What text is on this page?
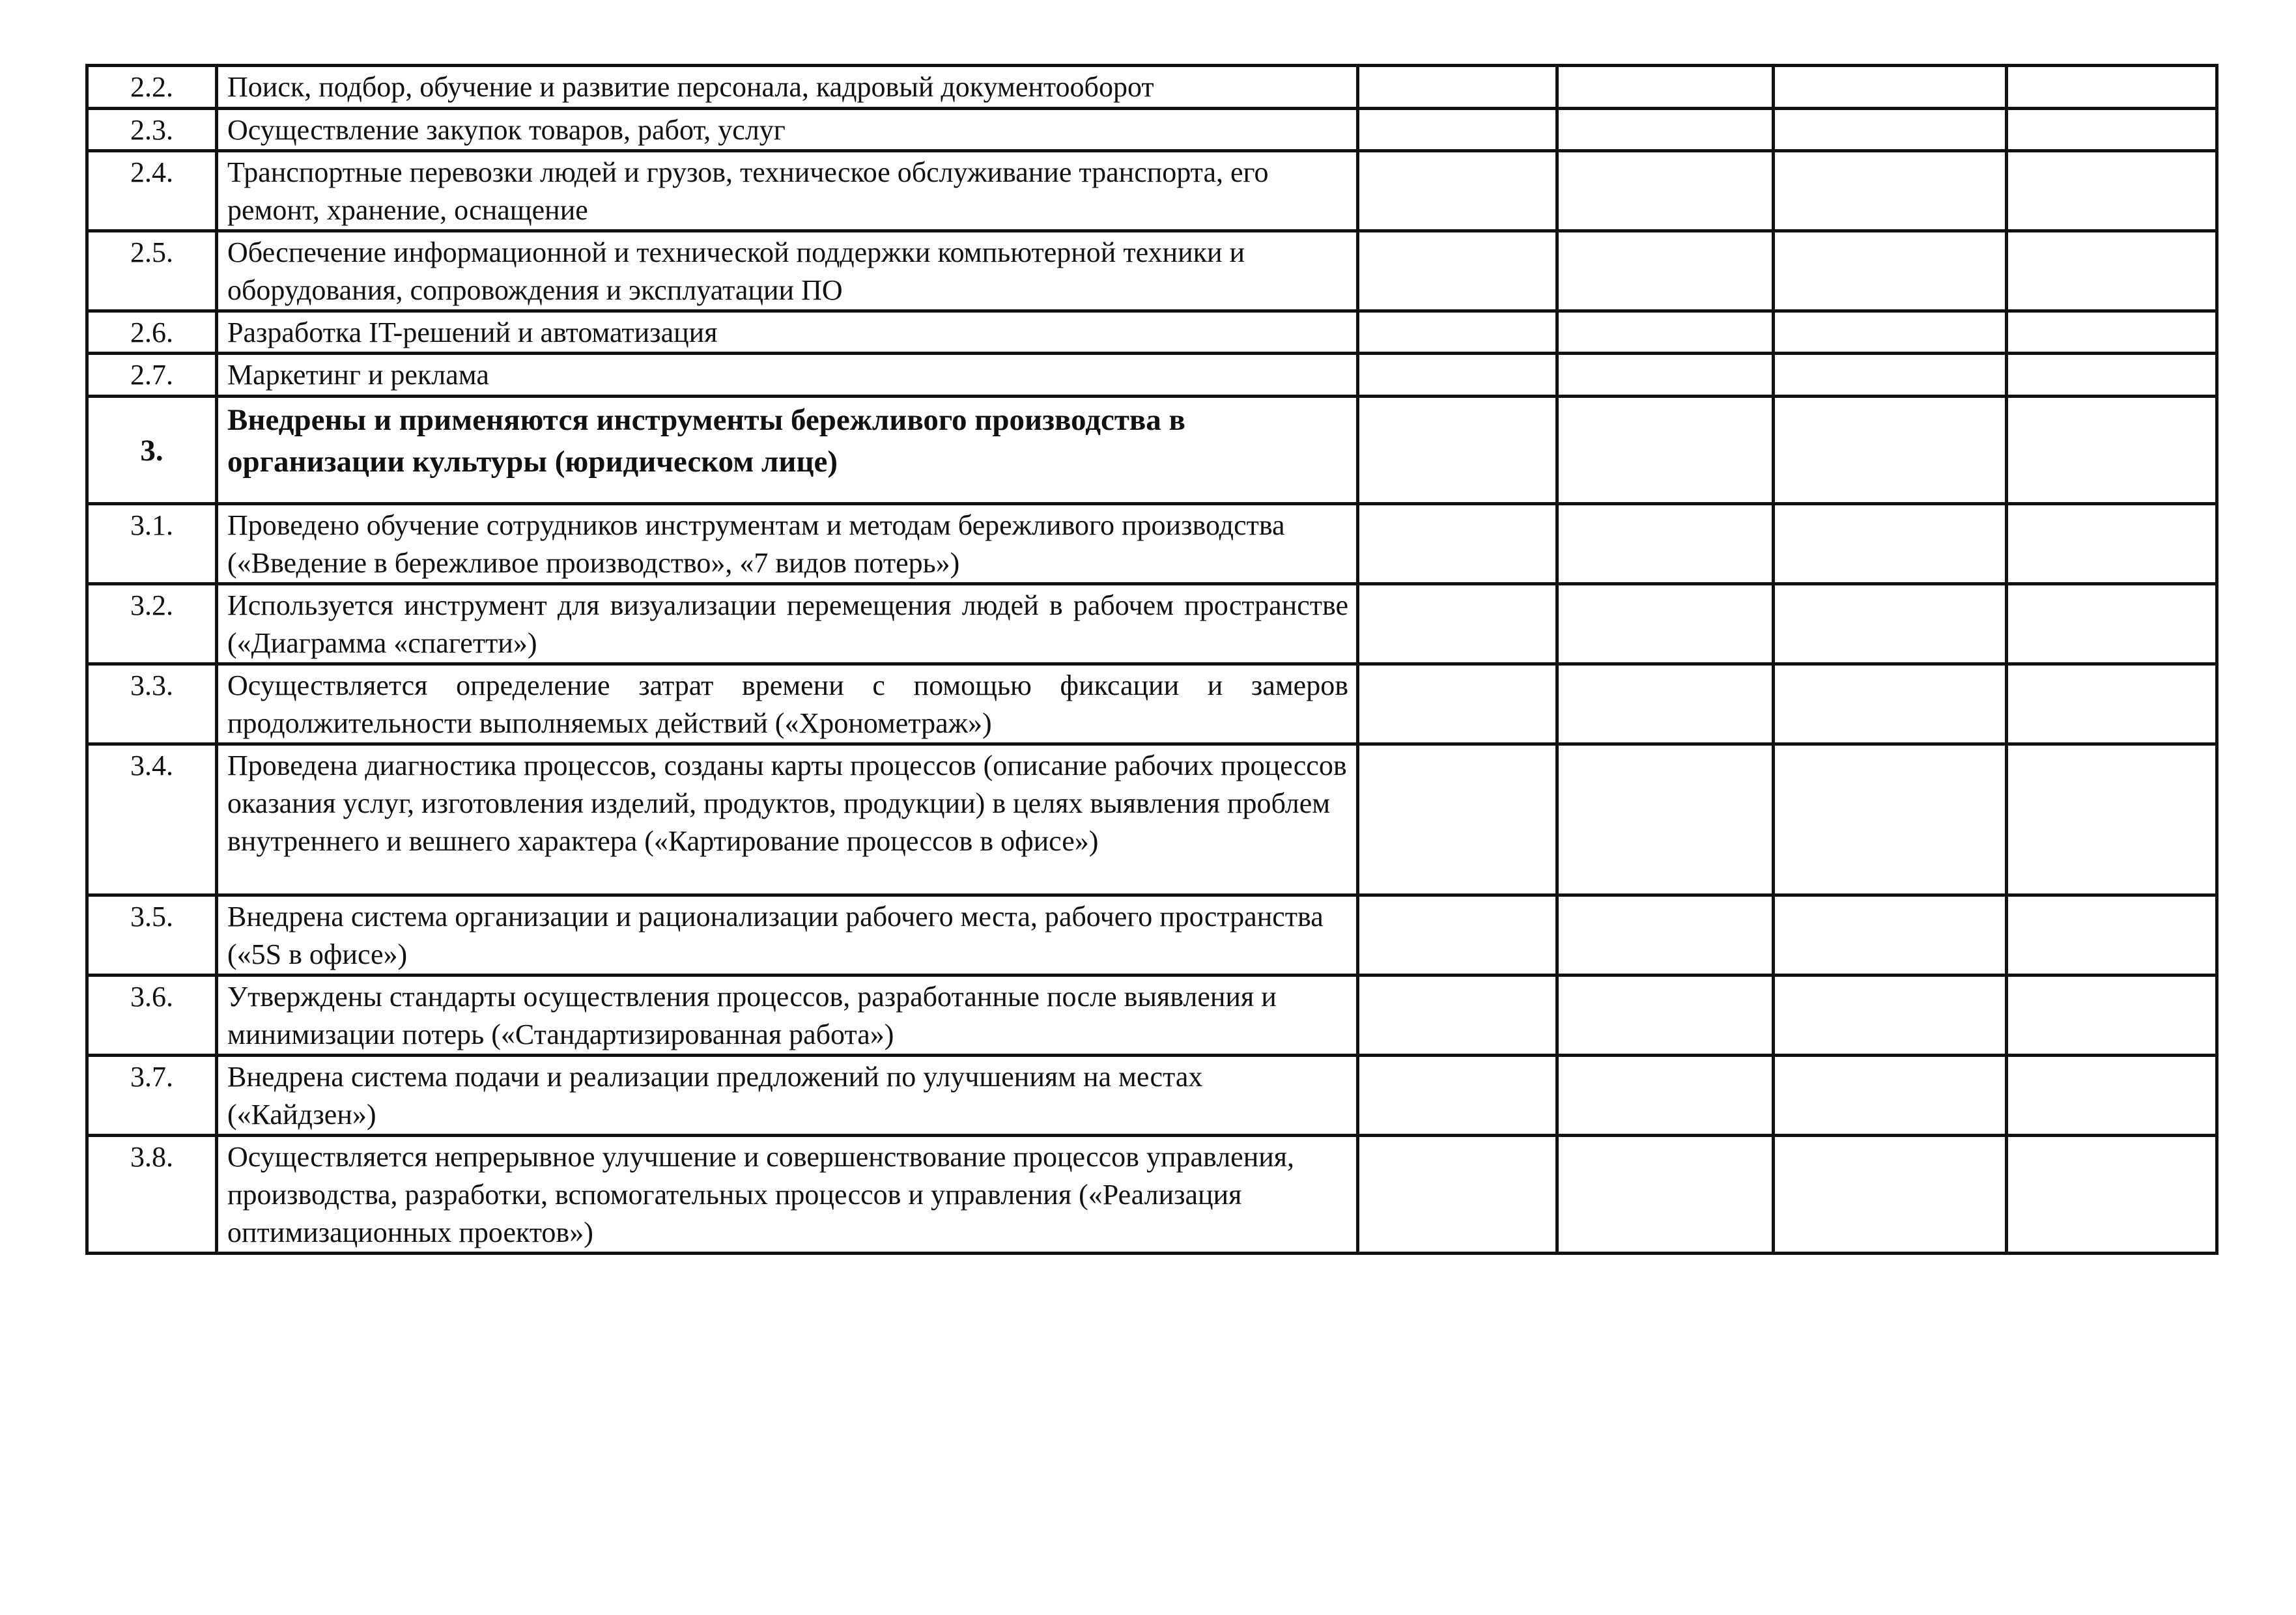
2.2.	Поиск, подбор, обучение и развитие персонала, кадровый документооборот				
2.3.	Осуществление закупок товаров, работ, услуг				
2.4.	Транспортные перевозки людей и грузов, техническое обслуживание транспорта, его ремонт, хранение, оснащение				
2.5.	Обеспечение информационной и технической поддержки компьютерной техники и оборудования, сопровождения и эксплуатации ПО				
2.6.	Разработка IT-решений и автоматизация				
2.7.	Маркетинг и реклама				
3.	Внедрены и применяются инструменты бережливого производства в организации культуры (юридическом лице)				
3.1.	Проведено обучение сотрудников инструментам и методам бережливого производства («Введение в бережливое производство», «7 видов потерь»)				
3.2.	Используется инструмент для визуализации перемещения людей в рабочем пространстве («Диаграмма «спагетти»)				
3.3.	Осуществляется определение затрат времени с помощью фиксации и замеров продолжительности выполняемых действий («Хронометраж»)				
3.4.	Проведена диагностика процессов, созданы карты процессов (описание рабочих процессов оказания услуг, изготовления изделий, продуктов, продукции) в целях выявления проблем внутреннего и вешнего характера («Картирование процессов в офисе»)				
3.5.	Внедрена система организации и рационализации рабочего места, рабочего пространства («5S в офисе»)				
3.6.	Утверждены стандарты осуществления процессов, разработанные после выявления и минимизации потерь («Стандартизированная работа»)				
3.7.	Внедрена система подачи и реализации предложений по улучшениям на местах («Кайдзен»)				
3.8.	Осуществляется непрерывное улучшение и совершенствование процессов управления, производства, разработки, вспомогательных процессов и управления («Реализация оптимизационных проектов»)				
